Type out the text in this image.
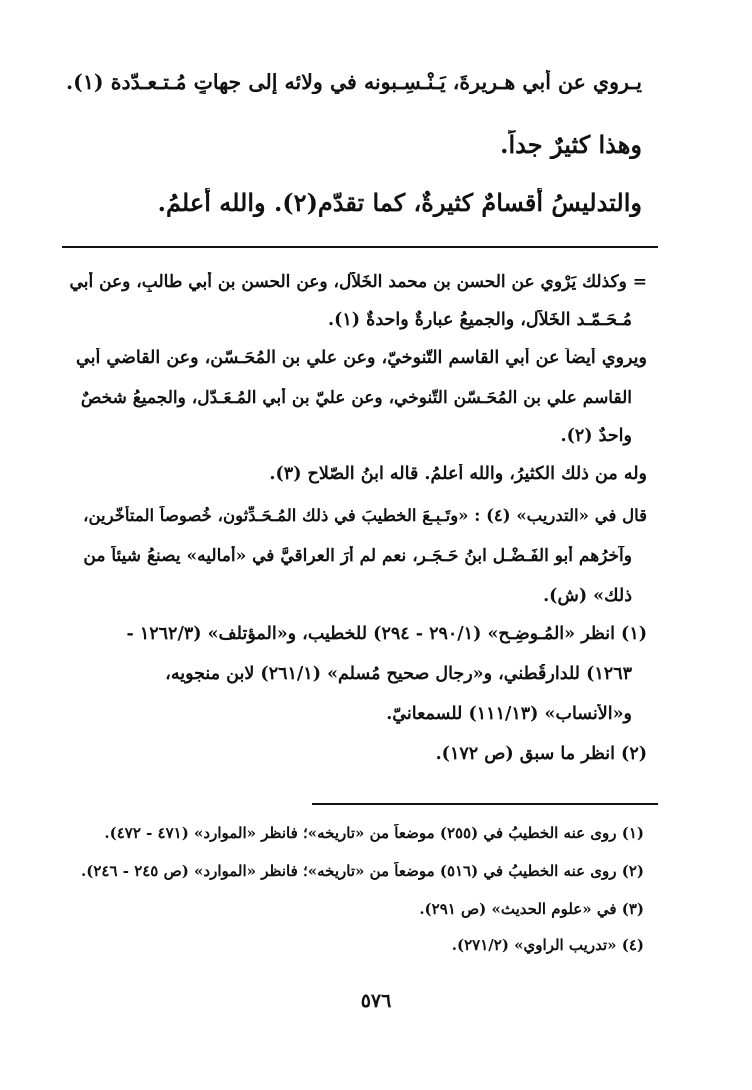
يـروي عن أبي هـريرةَ، يَـنْـسِـبونه في ولائه إلى جهاتٍ مُـتـعـدّدة (١).
وهذا كثيرٌ جداً.
والتدليسُ أقسامٌ كثيرةٌ، كما تقدّم(٢). والله أعلمُ.
= وكذلك يَرْوي عن الحسن بن محمد الخَلاّل، وعن الحسن بن أبي طالبٍ، وعن أبي
مُـحَـمّـد الخَلاّل، والجميعُ عبارةٌ واحدةٌ (١).
ويروي أيضاً عن أبي القاسم التّنوخيّ، وعن علي بن المُحَـسّن، وعن القاضي أبي
القاسم علي بن المُحَـسّن التّنوخي، وعن عليّ بن أبي المُـعَـدّل، والجميعُ شخصٌ
واحدٌ (٢).
وله من ذلك الكثيرُ، والله أعلمُ. قاله ابنُ الصّلاح (٣).
قال في «التدريب» (٤) : «وتَـبِـعَ الخطيبَ في ذلك المُـحَـدِّثون، خُصوصاً المتأخّرين،
وآخرُهم أبو الفَـضْـل ابنُ حَـجَـر، نعم لم أرَ العراقيَّ في «أماليه» يصنعُ شيئاً من
ذلك» (ش).
(١) انظر «المُـوضِـح» (٢٩٠/١ - ٢٩٤) للخطيب، و«المؤتلف» (١٢٦٢/٣ -
١٢٦٣) للدارقُطني، و«رجال صحيح مُسلم» (٢٦١/١) لابن منجويه،
و«الأنساب» (١١١/١٣) للسمعانيّ.
(٢) انظر ما سبق (ص ١٧٢).
(١) روى عنه الخطيبُ في (٢٥٥) موضعاً من «تاريخه»؛ فانظر «الموارد» (٤٧١ - ٤٧٢).
(٢) روى عنه الخطيبُ في (٥١٦) موضعاً من «تاريخه»؛ فانظر «الموارد» (ص ٢٤٥ - ٢٤٦).
(٣) في «علوم الحديث» (ص ٢٩١).
(٤) «تدريب الراوي» (٢٧١/٢).
٥٧٦
